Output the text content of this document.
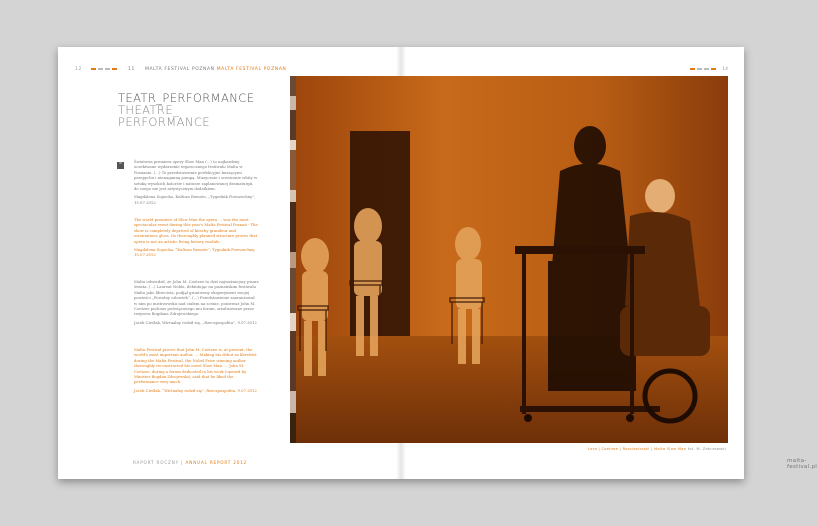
12	11 MALTA FESTIVAL POZNAŃ MALTA FESTIVAL POZNAN
TEATR_PERFORMANCE
THEATRE_
PERFORMANCE
"

Światowa premiera opery Slow Man (...) to najbardziej oczekiwane wydarzenie tegorocznego festiwalu Malta w Poznaniu. (...) To przedstawienie perfekcyjne kuszącymi przepychu i nienaganną pompą. Muzycznie i scenicznie wbity w sztukę wysokich kolorów i naturze zaplanowanej dramaturgii, do czego nie jest artystycznym dodatkiem.

Magdalena Sopocka, Kultura Remote, „Tygodnik Powszechny”, 15.07.2012

The world premiere of Slow Man the opera ... was the most spectacular event during this year's Malta Festival Poznań - The show is completely deprived of kitschy grandeur and ostentatious gloss. Its thoroughly planned structure proves that opera is not an artistic living history module.

Magdalena Sopocka, “Kultura Remote”, Tygodnik Powszechny, 15.07.2012

Malta odwiedził, że John M. Coetzee to dziś najważniejszy pisarz świata. (...) Laureat Nobla, debiutując na poznańskim festiwalu Malta jako librecista, podjął gruntowny eksperyment swojej powieści „Powolny człowiek”. (...) Przedstawienie zaaranżował w nim po mistrzowsku nad ciałem na scenie, ponieważ John M. Coetzee podczas poświęconego mu forum, zrealizowane przez reżysera Bogdana Zdrojewskiego.

Jacek Cieślak, Wirtualny rodził się, „Rzeczpospolita”, 9.07.2012

Malta Festival proves that John M. Coetzee is, at present, the world's most important author. ... Making his debut as librettist during the Malta Festival, the Nobel Prize winning author thoroughly reconstructed his novel Slow Man. ... John M. Coetzee, during a forum dedicated to his work (opened by Minister Bogdan Zdrojewski), said that he liked the performance very much.

Jacek Cieślak, “Wirtualny rodził się”, Rzeczpospolita, 9.07.2012

RAPORT ROCZNY | ANNUAL REPORT 2012
14
Lera | Coetzee | Rozciesiorski | Malta Slow Man fot. M. Zakrzewski
malta-festival.pl
